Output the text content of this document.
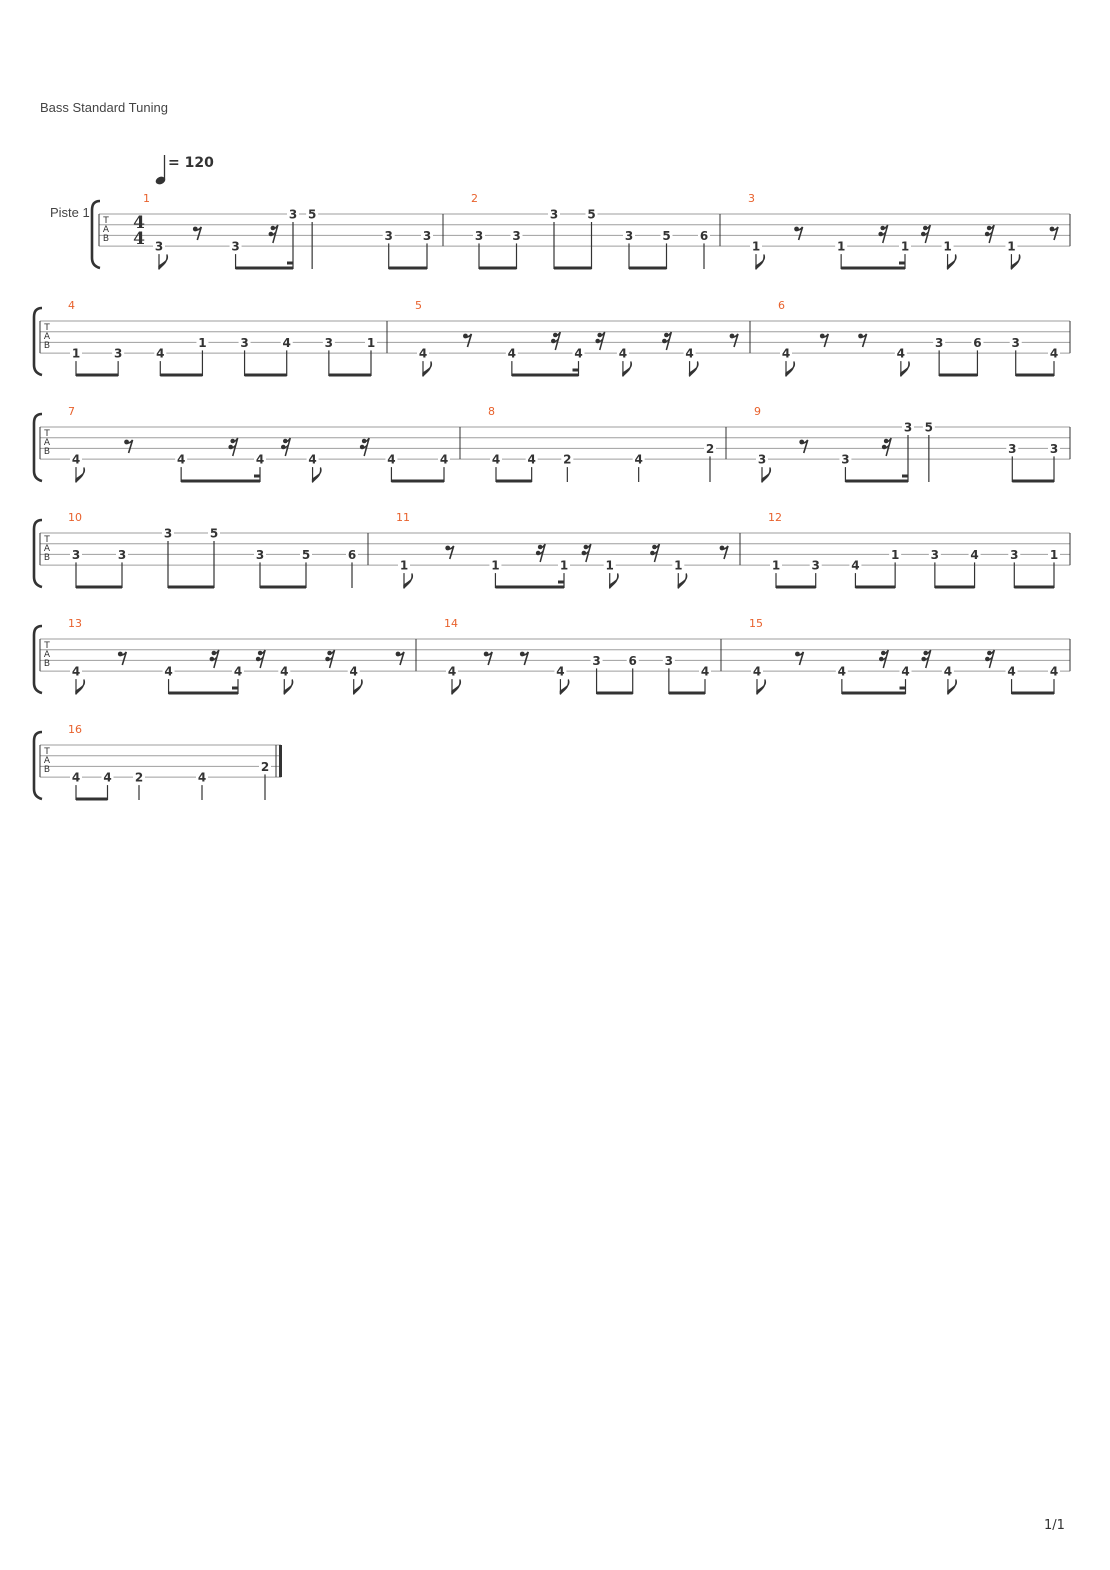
Bass Standard Tuning
= 120
Piste 1
T
A
B
4
4
1
3	3
3 5
3 3
2
3 3
3 5
3 5 6
3
1	1	1	1	1
T
A
B
4
1	3	4
1	3	4	3	1
5
4	4	4	4	4
6
4	4
3 6 3
4
T
A
B
7
4	4	4	4	4	4
8
4 4 2	4
2
9
3	3
3 5
3	3
T
A
B
10
3	3
3	5
3	5	6
11
1	1	1	1	1
12
1	3	4
1	3	4	3	1
T
A
B
13
4	4	4	4	4
14
4	4
3 6 3
4
15
4	4	4	4	4	4
T
A
B
16
4 4 2	4
2
1/1
